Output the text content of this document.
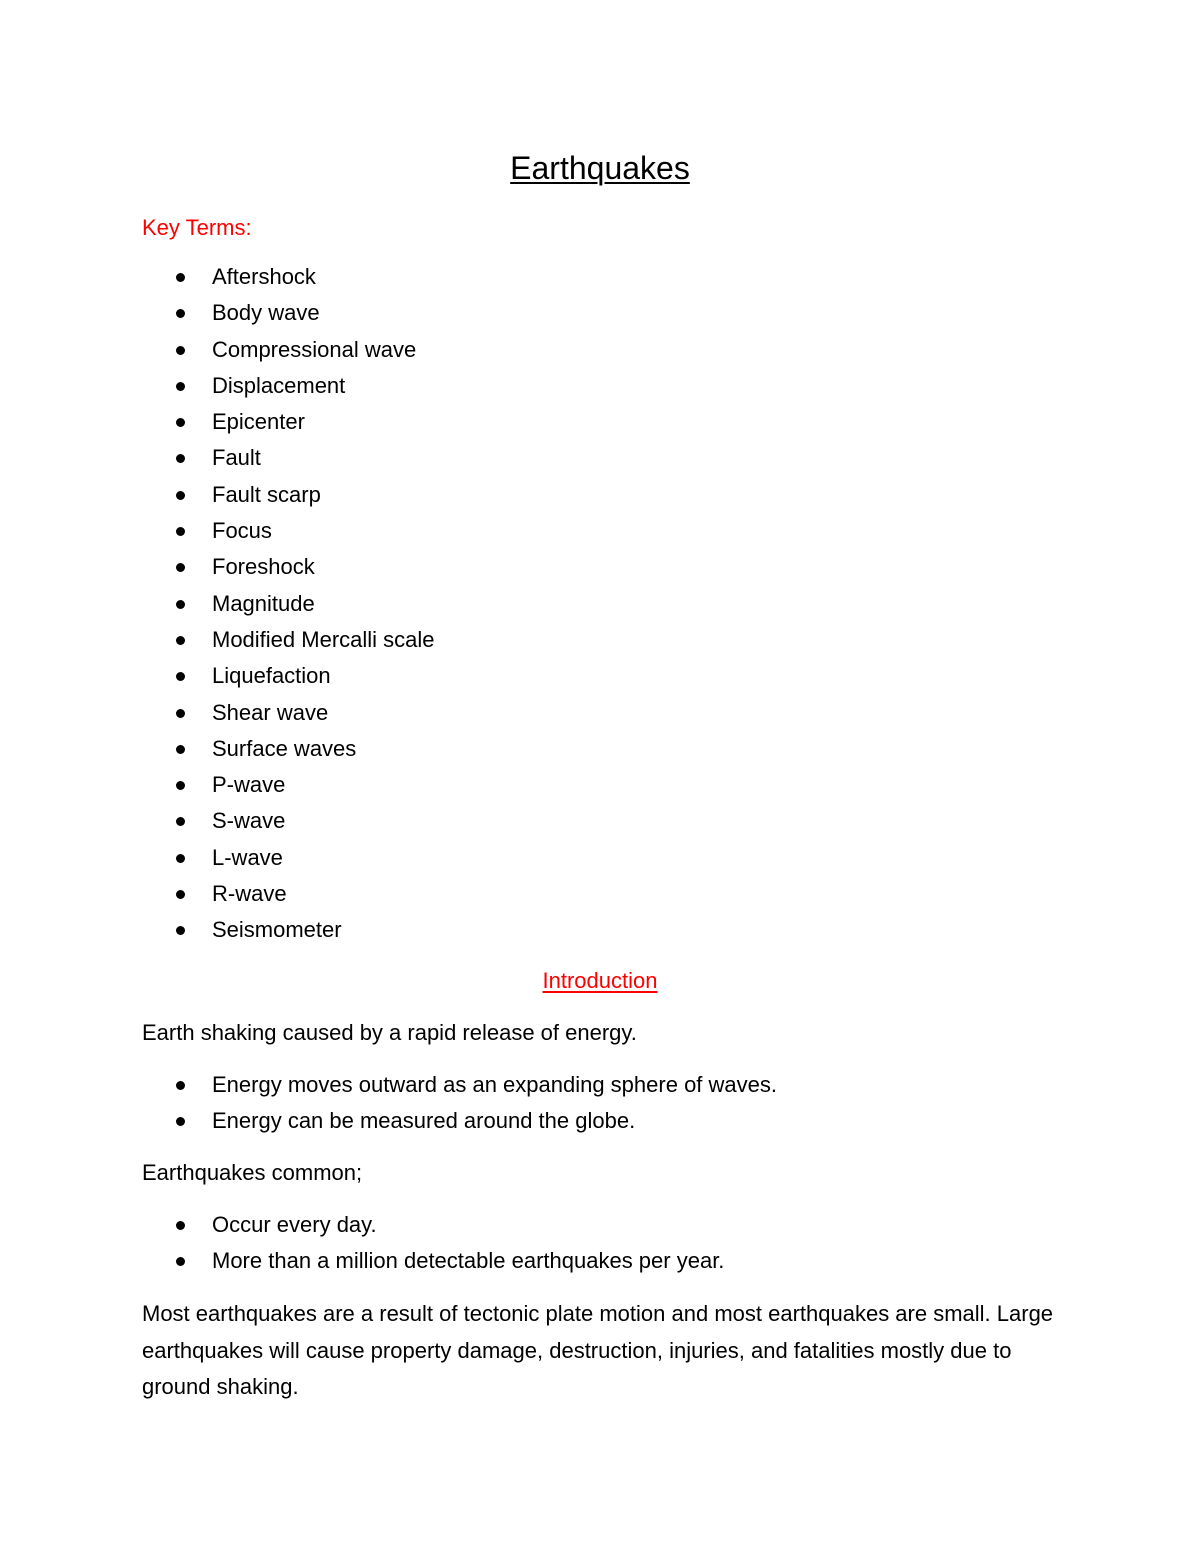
Earthquakes
Key Terms:
Aftershock
Body wave
Compressional wave
Displacement
Epicenter
Fault
Fault scarp
Focus
Foreshock
Magnitude
Modified Mercalli scale
Liquefaction
Shear wave
Surface waves
P-wave
S-wave
L-wave
R-wave
Seismometer
Introduction

Earth shaking caused by a rapid release of energy.

Energy moves outward as an expanding sphere of waves.
Energy can be measured around the globe.

Earthquakes common;

Occur every day.
More than a million detectable earthquakes per year.

Most earthquakes are a result of tectonic plate motion and most earthquakes are small. Large earthquakes will cause property damage, destruction, injuries, and fatalities mostly due to ground shaking.
